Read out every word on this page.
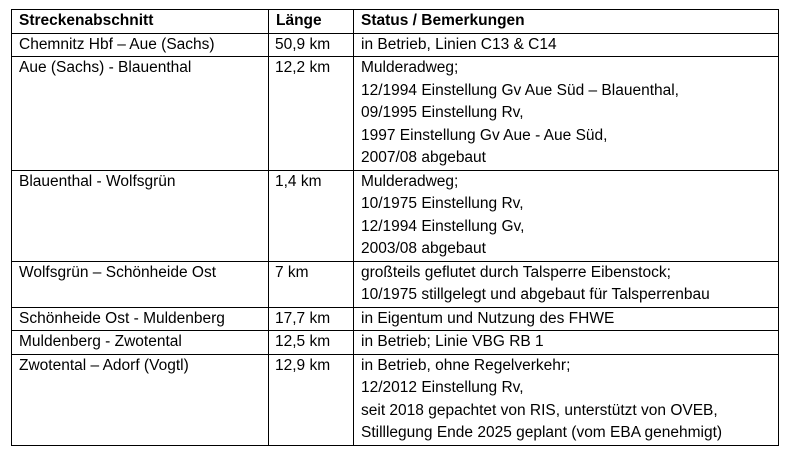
Streckenabschnitt	Länge	Status / Bemerkungen
Chemnitz Hbf – Aue (Sachs)	50,9 km	in Betrieb, Linien C13 & C14

Aue (Sachs) - Blauenthal	12,2 km	Mulderadweg;
12/1994 Einstellung Gv Aue Süd – Blauenthal,
09/1995 Einstellung Rv,
1997 Einstellung Gv Aue - Aue Süd,
2007/08 abgebaut

Blauenthal - Wolfsgrün	1,4 km	Mulderadweg;
10/1975 Einstellung Rv,
12/1994 Einstellung Gv,
2003/08 abgebaut

Wolfsgrün – Schönheide Ost	7 km	großteils geflutet durch Talsperre Eibenstock;
10/1975 stillgelegt und abgebaut für Talsperrenbau

Schönheide Ost - Muldenberg	17,7 km	in Eigentum und Nutzung des FHWE

Muldenberg - Zwotental	12,5 km	in Betrieb; Linie VBG RB 1

Zwotental – Adorf (Vogtl)	12,9 km	in Betrieb, ohne Regelverkehr;
12/2012 Einstellung Rv,
seit 2018 gepachtet von RIS, unterstützt von OVEB,
Stilllegung Ende 2025 geplant (vom EBA genehmigt)
